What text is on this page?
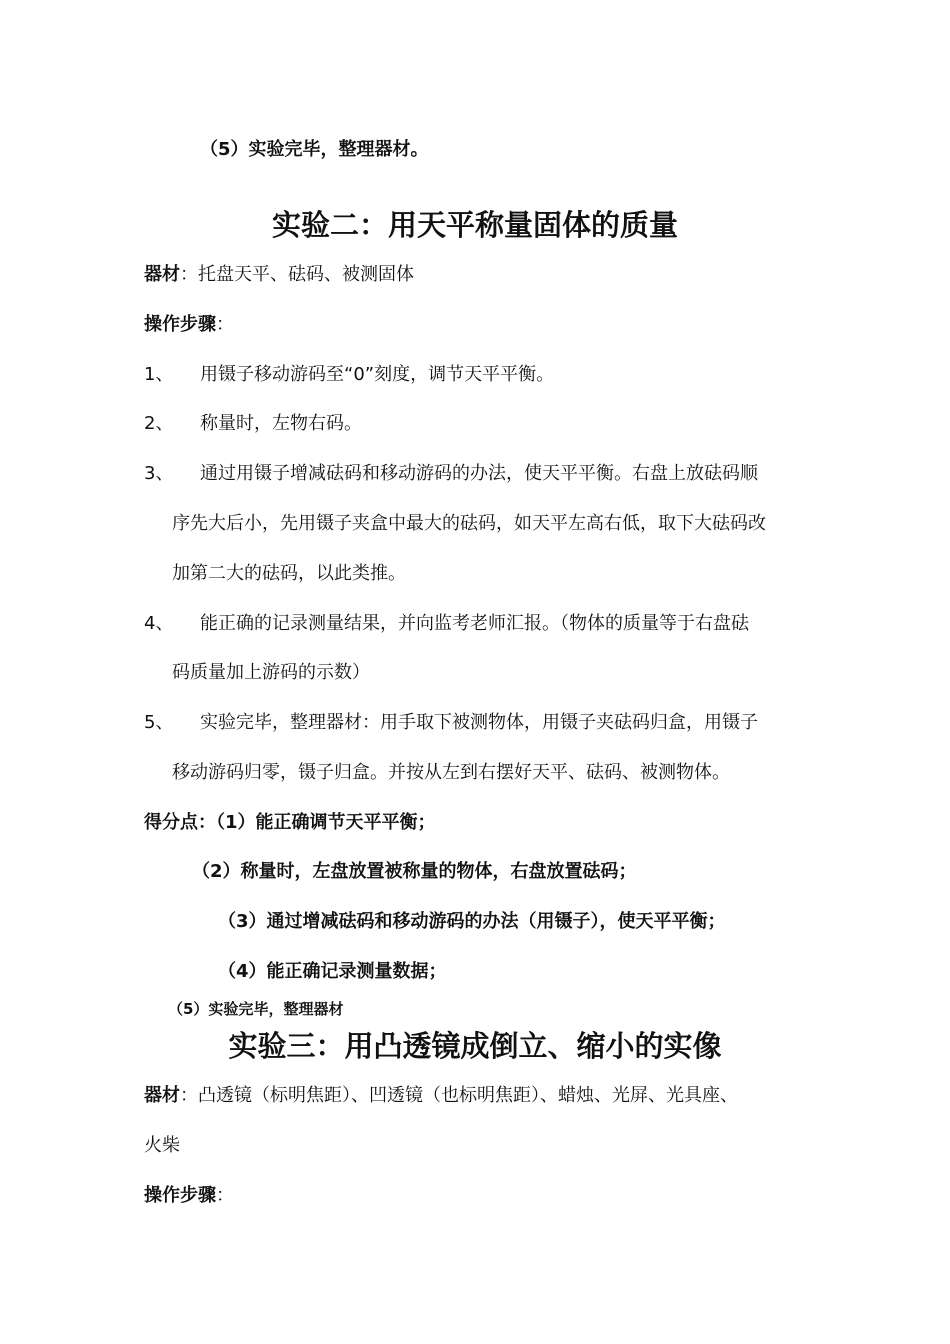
（5）实验完毕，整理器材。
实验二：用天平称量固体的质量
器材：托盘天平、砝码、被测固体
操作步骤：
1、 用镊子移动游码至“0”刻度，调节天平平衡。
2、 称量时，左物右码。
3、 通过用镊子增减砝码和移动游码的办法，使天平平衡。右盘上放砝码顺
序先大后小，先用镊子夹盒中最大的砝码，如天平左高右低，取下大砝码改
加第二大的砝码，以此类推。
4、 能正确的记录测量结果，并向监考老师汇报。（物体的质量等于右盘砝
码质量加上游码的示数）
5、 实验完毕，整理器材：用手取下被测物体，用镊子夹砝码归盒，用镊子
移动游码归零，镊子归盒。并按从左到右摆好天平、砝码、被测物体。
得分点：（1）能正确调节天平平衡；
（2）称量时，左盘放置被称量的物体，右盘放置砝码；
（3）通过增减砝码和移动游码的办法（用镊子），使天平平衡；
（4）能正确记录测量数据；
（5）实验完毕，整理器材
实验三：用凸透镜成倒立、缩小的实像
器材：凸透镜（标明焦距）、凹透镜（也标明焦距）、蜡烛、光屏、光具座、
火柴
操作步骤：
